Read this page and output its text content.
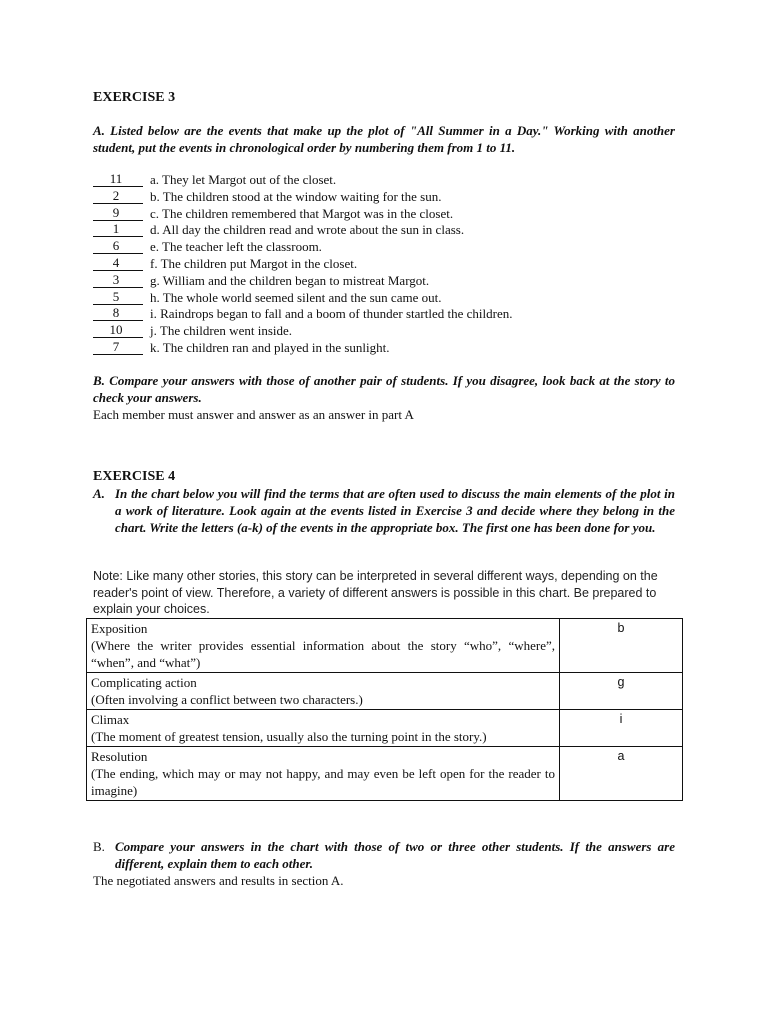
EXERCISE 3
A. Listed below are the events that make up the plot of "All Summer in a Day." Working with another student, put the events in chronological order by numbering them from 1 to 11.
11	a. They let Margot out of the closet.
2	b. The children stood at the window waiting for the sun.
9	c. The children remembered that Margot was in the closet.
1	d. All day the children read and wrote about the sun in class.
6	e. The teacher left the classroom.
4	f. The children put Margot in the closet.
3	g. William and the children began to mistreat Margot.
5	h. The whole world seemed silent and the sun came out.
8	i. Raindrops began to fall and a boom of thunder startled the children.
10	j. The children went inside.
7	k. The children ran and played in the sunlight.
B. Compare your answers with those of another pair of students. If you disagree, look back at the story to check your answers.
Each member must answer and answer as an answer in part A
EXERCISE 4
A. In the chart below you will find the terms that are often used to discuss the main elements of the plot in a work of literature. Look again at the events listed in Exercise 3 and decide where they belong in the chart. Write the letters (a-k) of the events in the appropriate box. The first one has been done for you.
Note: Like many other stories, this story can be interpreted in several different ways, depending on the reader's point of view. Therefore, a variety of different answers is possible in this chart. Be prepared to explain your choices.
Exposition
(Where the writer provides essential information about the story “who”, “where”, “when”, and “what”)	b

Complicating action
(Often involving a conflict between two characters.)	g

Climax
(The moment of greatest tension, usually also the turning point in the story.)	i

Resolution
(The ending, which may or may not happy, and may even be left open for the reader to imagine)	a
B. Compare your answers in the chart with those of two or three other students. If the answers are different, explain them to each other.
The negotiated answers and results in section A.
